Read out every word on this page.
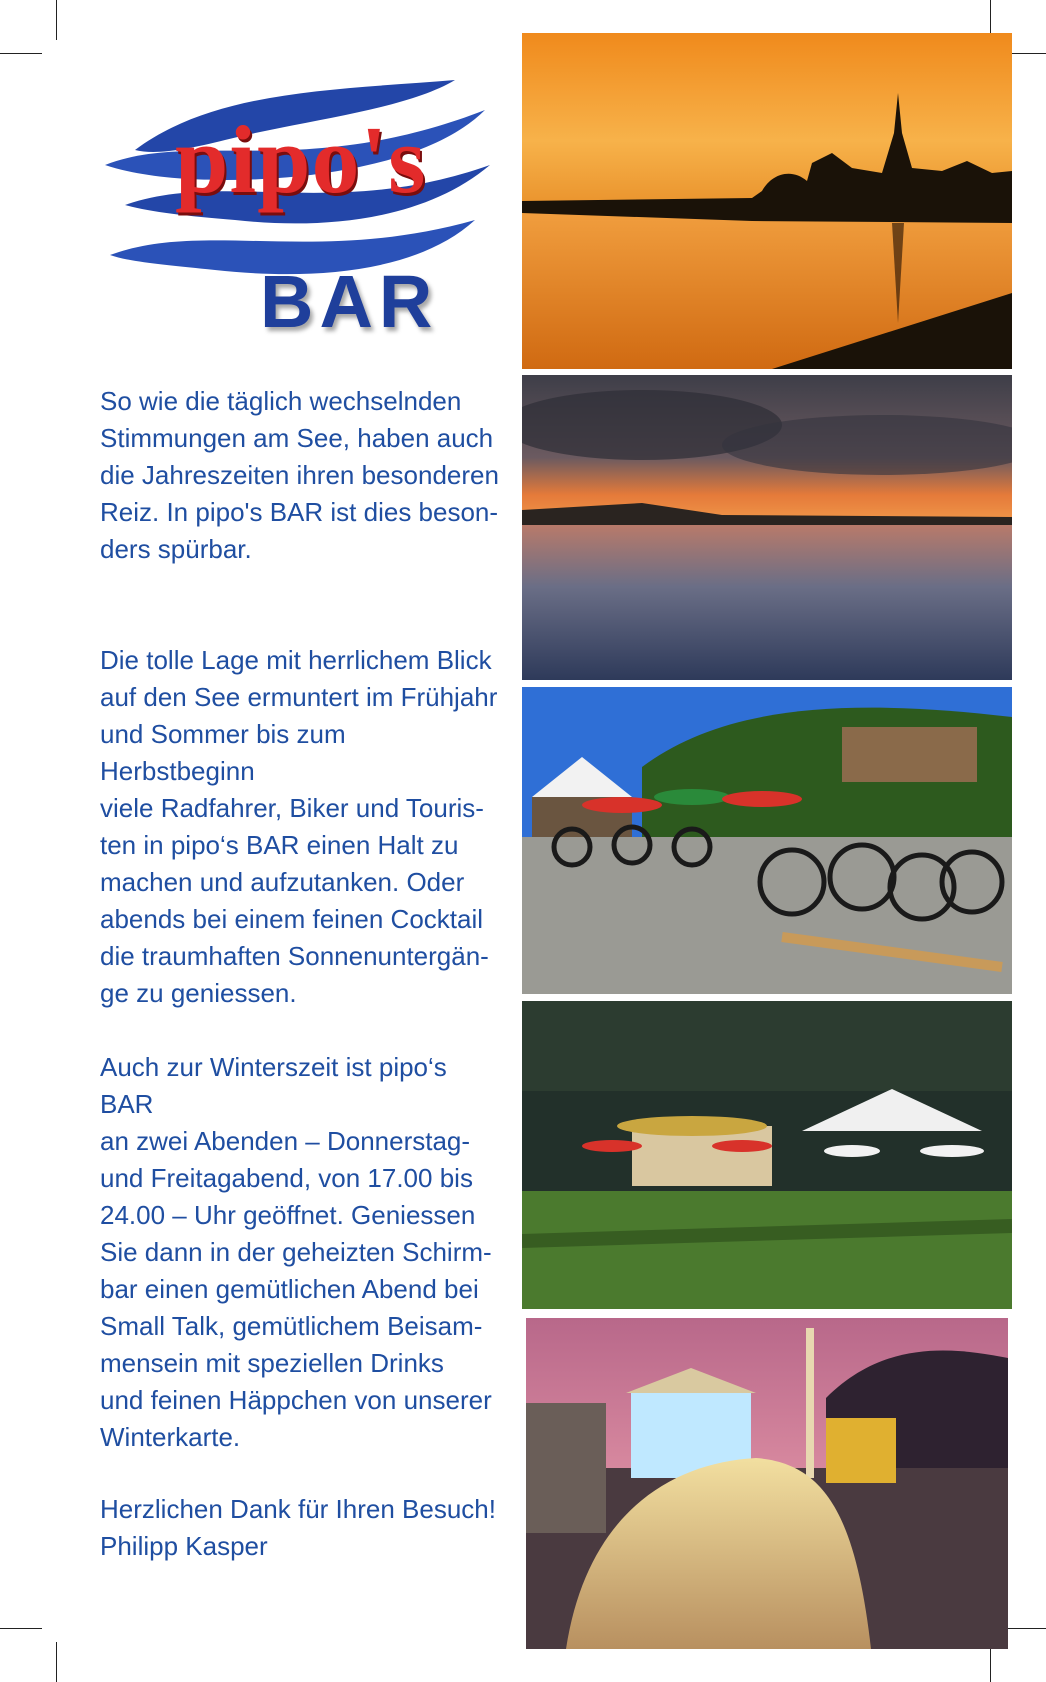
pipo's
BAR

So wie die täglich wechselnden
Stimmungen am See, haben auch
die Jahreszeiten ihren besonderen
Reiz. In pipo's BAR ist dies beson-
ders spürbar.

Die tolle Lage mit herrlichem Blick
auf den See ermuntert im Frühjahr
und Sommer bis zum Herbstbeginn
viele Radfahrer, Biker und Touris-
ten in pipo‘s BAR einen Halt zu
machen und aufzutanken. Oder
abends bei einem feinen Cocktail
die traumhaften Sonnenuntergän-
ge zu geniessen.

Auch zur Winterszeit ist pipo‘s BAR
an zwei Abenden – Donnerstag-
und Freitagabend, von 17.00 bis
24.00 – Uhr geöffnet. Geniessen
Sie dann in der geheizten Schirm-
bar einen gemütlichen Abend bei
Small Talk, gemütlichem Beisam-
mensein mit speziellen Drinks
und feinen Häppchen von unserer
Winterkarte.

Herzlichen Dank für Ihren Besuch!

Philipp Kasper
